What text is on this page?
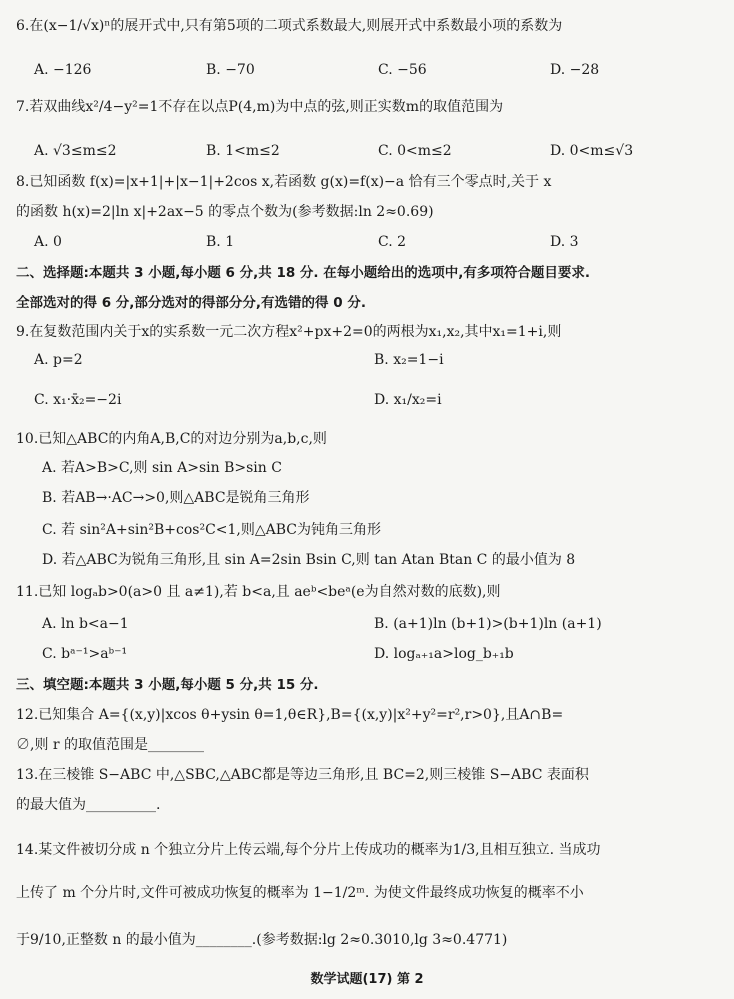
6.在(x−1/√x)ⁿ的展开式中,只有第5项的二项式系数最大,则展开式中系数最小项的系数为
A. −126	B. −70	C. −56	D. −28
7.若双曲线x²/4−y²=1不存在以点P(4,m)为中点的弦,则正实数m的取值范围为
A. √3≤m≤2	B. 1<m≤2	C. 0<m≤2	D. 0<m≤√3
8.已知函数 f(x)=|x+1|+|x−1|+2cos x,若函数 g(x)=f(x)−a 恰有三个零点时,关于 x
的函数 h(x)=2|ln x|+2ax−5 的零点个数为(参考数据:ln 2≈0.69)
A. 0	B. 1	C. 2	D. 3
二、选择题:本题共 3 小题,每小题 6 分,共 18 分. 在每小题给出的选项中,有多项符合题目要求.
全部选对的得 6 分,部分选对的得部分分,有选错的得 0 分.
9.在复数范围内关于x的实系数一元二次方程x²+px+2=0的两根为x₁,x₂,其中x₁=1+i,则
A. p=2	B. x₂=1−i
C. x₁·x̄₂=−2i	D. x₁/x₂=i
10.已知△ABC的内角A,B,C的对边分别为a,b,c,则
A. 若A>B>C,则 sin A>sin B>sin C
B. 若AB→·AC→>0,则△ABC是锐角三角形
C. 若 sin²A+sin²B+cos²C<1,则△ABC为钝角三角形
D. 若△ABC为锐角三角形,且 sin A=2sin Bsin C,则 tan Atan Btan C 的最小值为 8
11.已知 logₐb>0(a>0 且 a≠1),若 b<a,且 aeᵇ<beᵃ(e为自然对数的底数),则
A. ln b<a−1	B. (a+1)ln (b+1)>(b+1)ln (a+1)
C. bᵃ⁻¹>aᵇ⁻¹	D. logₐ₊₁a>log_b₊₁b
三、填空题:本题共 3 小题,每小题 5 分,共 15 分.
12.已知集合 A={(x,y)|xcos θ+ysin θ=1,θ∈R},B={(x,y)|x²+y²=r²,r>0},且A∩B=
∅,则 r 的取值范围是________
13.在三棱锥 S−ABC 中,△SBC,△ABC都是等边三角形,且 BC=2,则三棱锥 S−ABC 表面积
的最大值为__________.
14.某文件被切分成 n 个独立分片上传云端,每个分片上传成功的概率为1/3,且相互独立. 当成功
上传了 m 个分片时,文件可被成功恢复的概率为 1−1/2ᵐ. 为使文件最终成功恢复的概率不小
于9/10,正整数 n 的最小值为________.(参考数据:lg 2≈0.3010,lg 3≈0.4771)
数学试题(17) 第 2
